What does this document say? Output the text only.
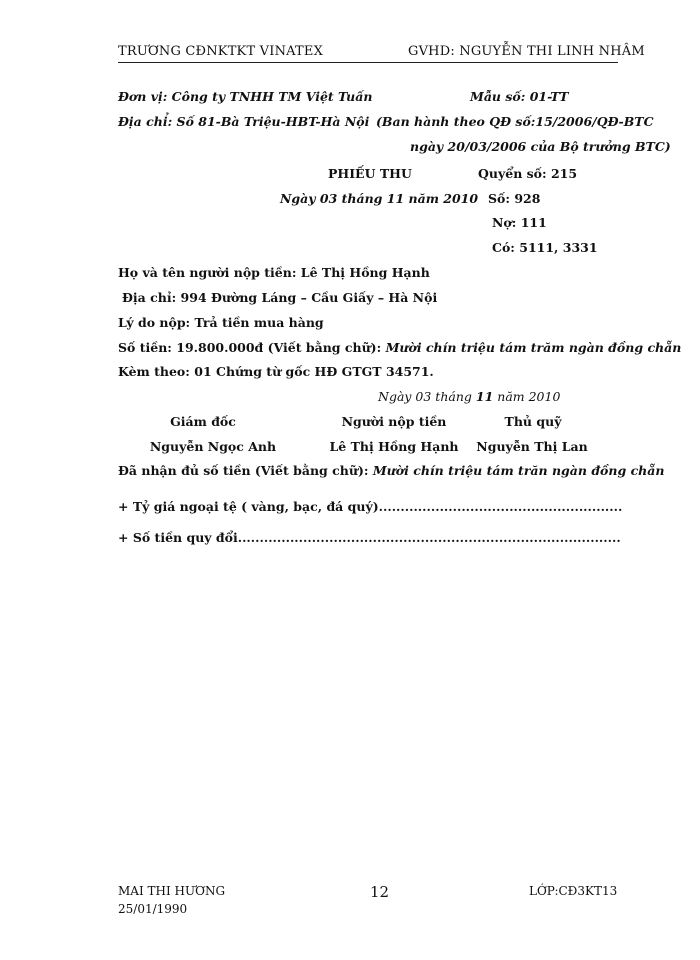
TRƯƠNG CĐNKTKT VINATEX	GVHD: NGUYỄN THI LINH NHÂM
Đơn vị: Công ty TNHH TM Việt Tuấn
Địa chỉ: Số 81-Bà Triệu-HBT-Hà Nội
Mẫu số: 01-TT
(Ban hành theo QĐ số:15/2006/QĐ-BTC
ngày 20/03/2006 của Bộ trưởng BTC)
PHIẾU THU
Ngày 03 tháng 11 năm 2010
Quyển số: 215
Số: 928
Nợ: 111
Có: 5111, 3331
Họ và tên người nộp tiền: Lê Thị Hồng Hạnh
Địa chỉ: 994 Đường Láng – Cầu Giấy – Hà Nội
Lý do nộp: Trả tiền mua hàng
Số tiền: 19.800.000đ (Viết bằng chữ): Mười chín triệu tám trăm ngàn đồng chẵn
Kèm theo: 01 Chứng từ gốc HĐ GTGT 34571.
Ngày 03 tháng 11 năm 2010
Giám đốc	Người nộp tiền	Thủ quỹ
Nguyễn Ngọc Anh	Lê Thị Hồng Hạnh	Nguyễn Thị Lan
Đã nhận đủ số tiền (Viết bằng chữ): Mười chín triệu tám trăn ngàn đồng chẵn
+ Tỷ giá ngoại tệ ( vàng, bạc, đá quý)........................................................
+ Số tiền quy đổi........................................................................................
MAI THI HƯƠNG
25/01/1990
12	LỚP:CĐ3KT13
